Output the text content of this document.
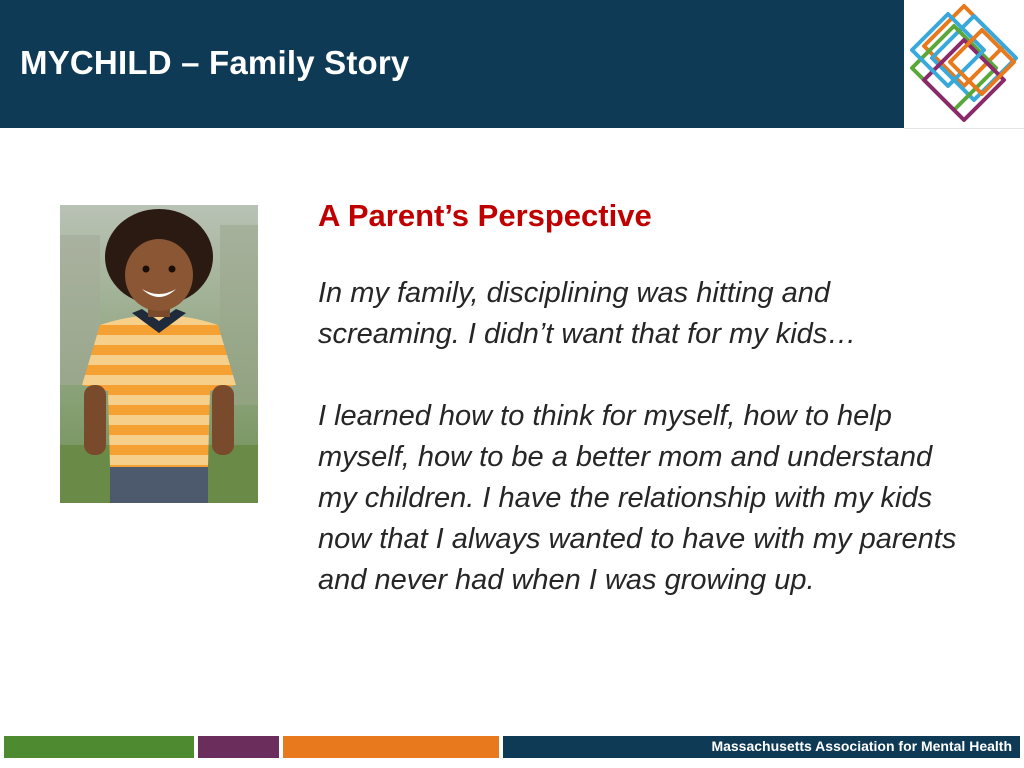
MYCHILD – Family Story
A Parent’s Perspective
In my family, disciplining was hitting and screaming. I didn’t want that for my kids…
I learned how to think for myself, how to help myself, how to be a better mom and understand my children. I have the relationship with my kids now that I always wanted to have with my parents and never had when I was growing up.
Massachusetts Association for Mental Health
